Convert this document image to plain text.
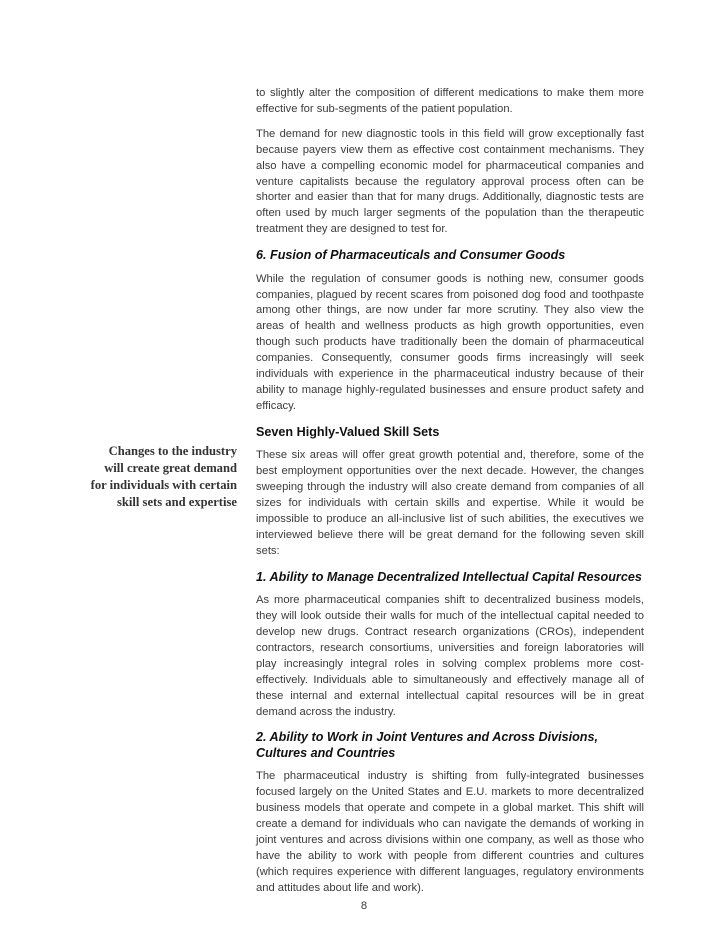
to slightly alter the composition of different medications to make them more effective for sub-segments of the patient population.

The demand for new diagnostic tools in this field will grow exceptionally fast because payers view them as effective cost containment mechanisms. They also have a compelling economic model for pharmaceutical companies and venture capitalists because the regulatory approval process often can be shorter and easier than that for many drugs. Additionally, diagnostic tests are often used by much larger segments of the population than the therapeutic treatment they are designed to test for.

6. Fusion of Pharmaceuticals and Consumer Goods

While the regulation of consumer goods is nothing new, consumer goods companies, plagued by recent scares from poisoned dog food and toothpaste among other things, are now under far more scrutiny. They also view the areas of health and wellness products as high growth opportunities, even though such products have traditionally been the domain of pharmaceutical companies. Consequently, consumer goods firms increasingly will seek individuals with experience in the pharmaceutical industry because of their ability to manage highly-regulated businesses and ensure product safety and efficacy.

Seven Highly-Valued Skill Sets

These six areas will offer great growth potential and, therefore, some of the best employment opportunities over the next decade. However, the changes sweeping through the industry will also create demand from companies of all sizes for individuals with certain skills and expertise. While it would be impossible to produce an all-inclusive list of such abilities, the executives we interviewed believe there will be great demand for the following seven skill sets:

1. Ability to Manage Decentralized Intellectual Capital Resources

As more pharmaceutical companies shift to decentralized business models, they will look outside their walls for much of the intellectual capital needed to develop new drugs. Contract research organizations (CROs), independent contractors, research consortiums, universities and foreign laboratories will play increasingly integral roles in solving complex problems more cost-effectively. Individuals able to simultaneously and effectively manage all of these internal and external intellectual capital resources will be in great demand across the industry.

2. Ability to Work in Joint Ventures and Across Divisions, Cultures and Countries

The pharmaceutical industry is shifting from fully-integrated businesses focused largely on the United States and E.U. markets to more decentralized business models that operate and compete in a global market. This shift will create a demand for individuals who can navigate the demands of working in joint ventures and across divisions within one company, as well as those who have the ability to work with people from different countries and cultures (which requires experience with different languages, regulatory environments and attitudes about life and work).

Changes to the industry will create great demand for individuals with certain skill sets and expertise
8
